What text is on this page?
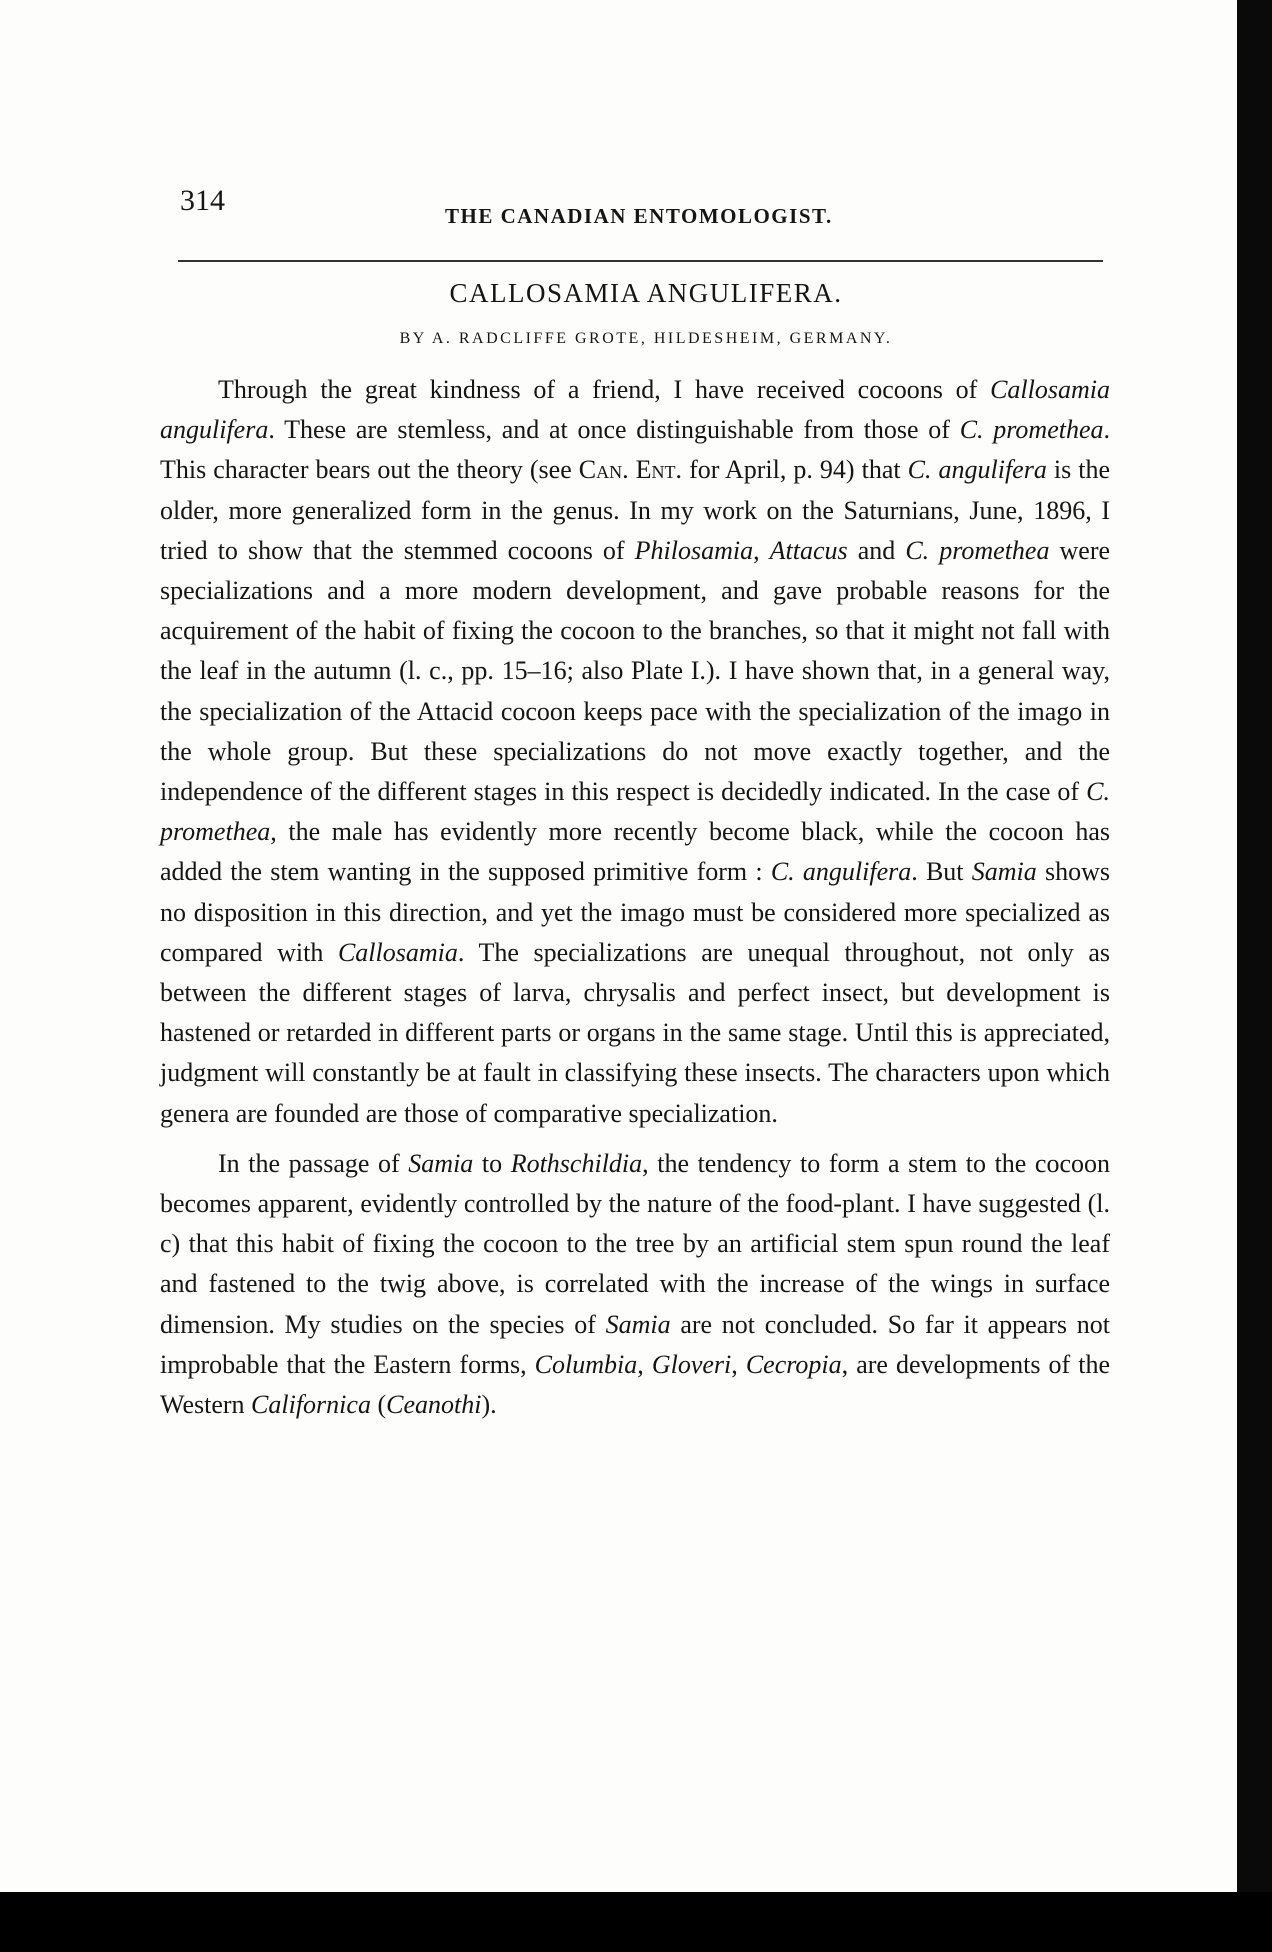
314	THE CANADIAN ENTOMOLOGIST.
CALLOSAMIA ANGULIFERA.
BY A. RADCLIFFE GROTE, HILDESHEIM, GERMANY.

Through the great kindness of a friend, I have received cocoons of Callosamia angulifera. These are stemless, and at once distinguishable from those of C. promethea. This character bears out the theory (see Can. Ent. for April, p. 94) that C. angulifera is the older, more generalized form in the genus. In my work on the Saturnians, June, 1896, I tried to show that the stemmed cocoons of Philosamia, Attacus and C. promethea were specializations and a more modern development, and gave probable reasons for the acquirement of the habit of fixing the cocoon to the branches, so that it might not fall with the leaf in the autumn (l. c., pp. 15–16; also Plate I.). I have shown that, in a general way, the specialization of the Attacid cocoon keeps pace with the specialization of the imago in the whole group. But these specializations do not move exactly together, and the independence of the different stages in this respect is decidedly indicated. In the case of C. promethea, the male has evidently more recently become black, while the cocoon has added the stem wanting in the supposed primitive form : C. angulifera. But Samia shows no disposition in this direction, and yet the imago must be considered more specialized as compared with Callosamia. The specializations are unequal throughout, not only as between the different stages of larva, chrysalis and perfect insect, but development is hastened or retarded in different parts or organs in the same stage. Until this is appreciated, judgment will constantly be at fault in classifying these insects. The characters upon which genera are founded are those of comparative specialization.

In the passage of Samia to Rothschildia, the tendency to form a stem to the cocoon becomes apparent, evidently controlled by the nature of the food-plant. I have suggested (l. c) that this habit of fixing the cocoon to the tree by an artificial stem spun round the leaf and fastened to the twig above, is correlated with the increase of the wings in surface dimension. My studies on the species of Samia are not concluded. So far it appears not improbable that the Eastern forms, Columbia, Gloveri, Cecropia, are developments of the Western Californica (Ceanothi).
